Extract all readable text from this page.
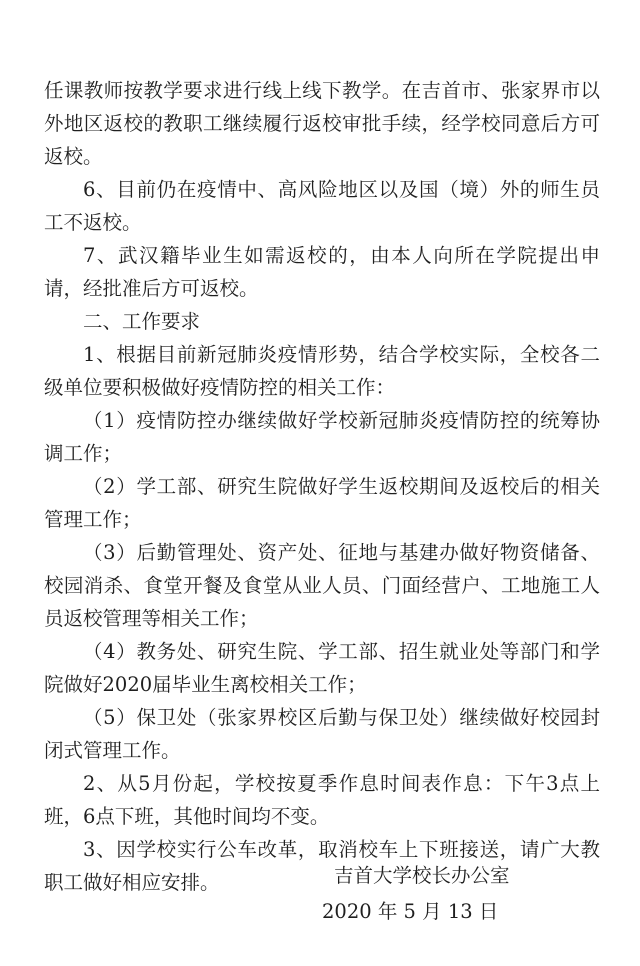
任课教师按教学要求进行线上线下教学。在吉首市、张家界市以外地区返校的教职工继续履行返校审批手续，经学校同意后方可返校。

6、目前仍在疫情中、高风险地区以及国（境）外的师生员工不返校。

7、武汉籍毕业生如需返校的，由本人向所在学院提出申请，经批准后方可返校。

二、工作要求

1、根据目前新冠肺炎疫情形势，结合学校实际，全校各二级单位要积极做好疫情防控的相关工作：

（1）疫情防控办继续做好学校新冠肺炎疫情防控的统筹协调工作；

（2）学工部、研究生院做好学生返校期间及返校后的相关管理工作；

（3）后勤管理处、资产处、征地与基建办做好物资储备、校园消杀、食堂开餐及食堂从业人员、门面经营户、工地施工人员返校管理等相关工作；

（4）教务处、研究生院、学工部、招生就业处等部门和学院做好2020届毕业生离校相关工作；

（5）保卫处（张家界校区后勤与保卫处）继续做好校园封闭式管理工作。

2、从5月份起，学校按夏季作息时间表作息：下午3点上班，6点下班，其他时间均不变。

3、因学校实行公车改革，取消校车上下班接送，请广大教职工做好相应安排。	吉首大学校长办公室
2020 年 5 月 13 日
